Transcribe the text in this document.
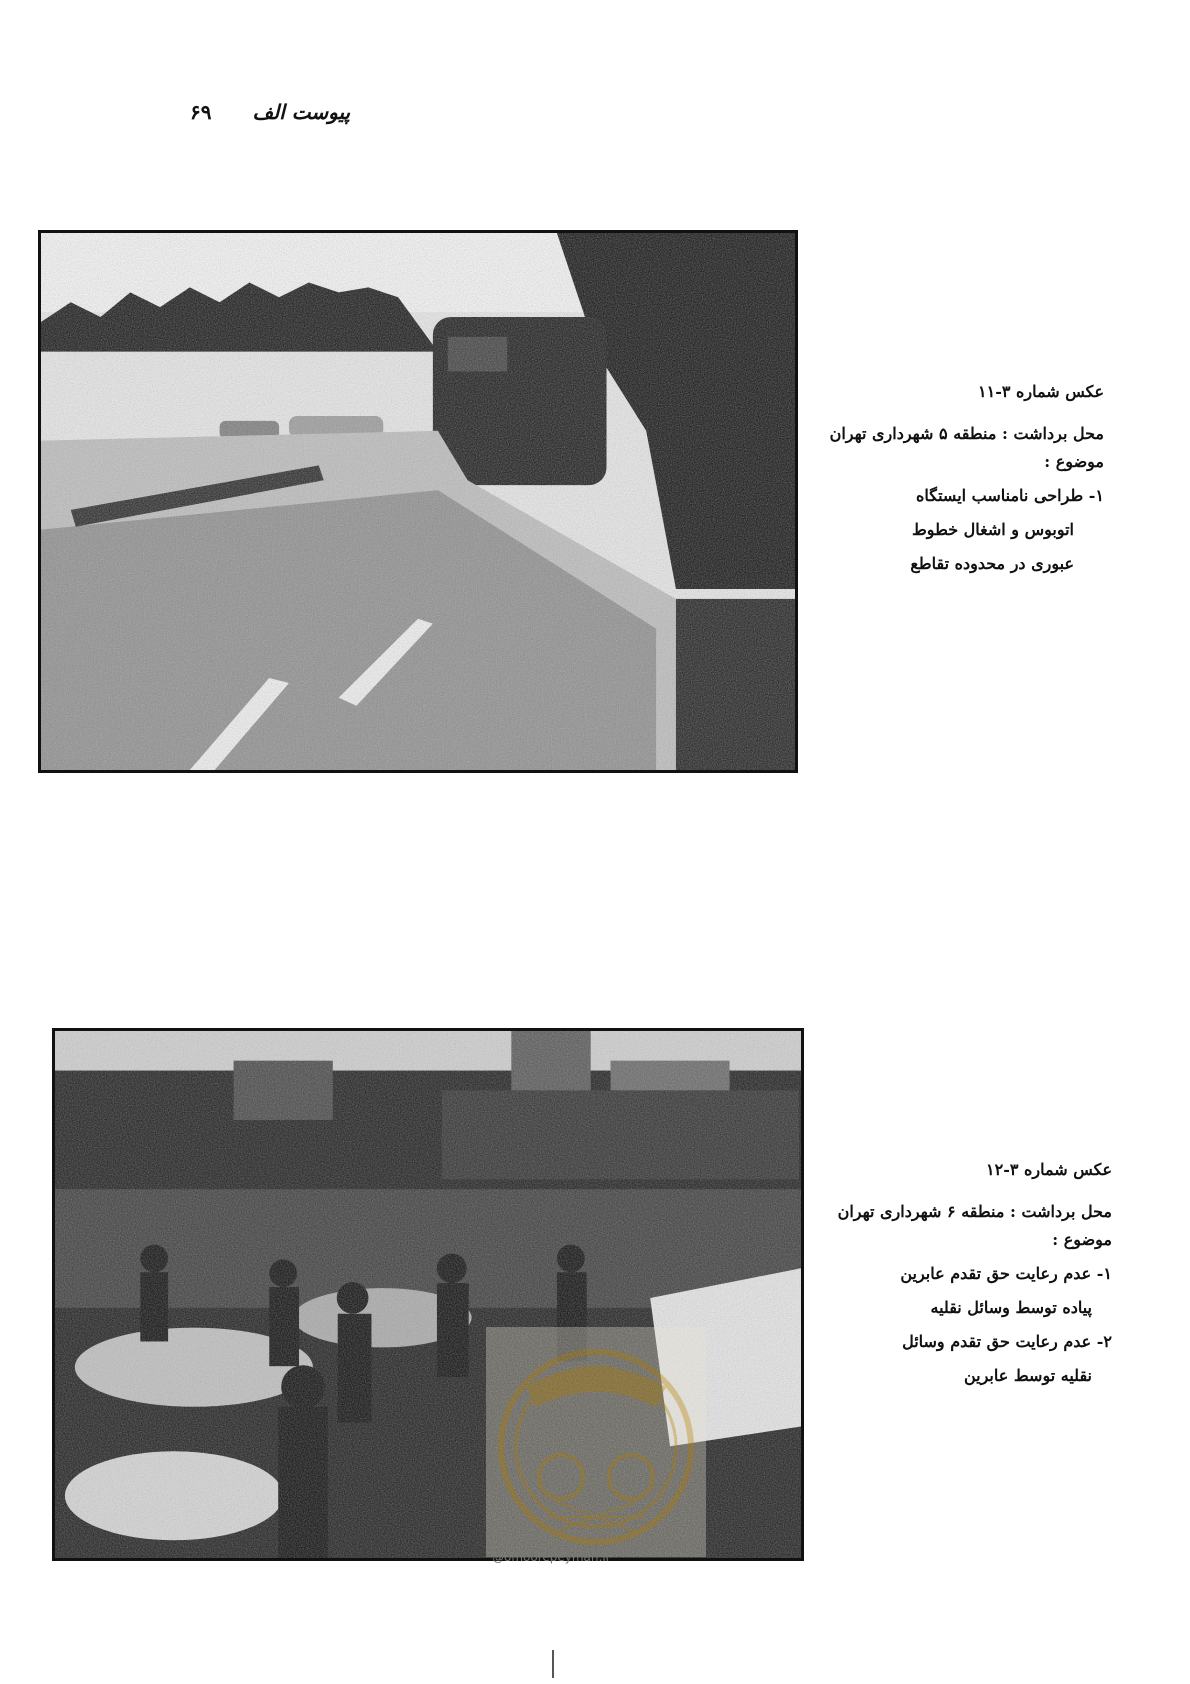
پیوست الف ۶۹
عکس شماره ۳-۱۱
محل برداشت : منطقه ۵ شهرداری تهران
موضوع :
۱- طراحی نامناسب ایستگاه
اتوبوس و اشغال خطوط
عبوری در محدوده تقاطع
عکس شماره ۳-۱۲
محل برداشت : منطقه ۶ شهرداری تهران
موضوع :
۱- عدم رعایت حق تقدم عابرین
پیاده توسط وسائل نقلیه
۲- عدم رعایت حق تقدم وسائل
نقلیه توسط عابرین
@omoorepeyman.ir
